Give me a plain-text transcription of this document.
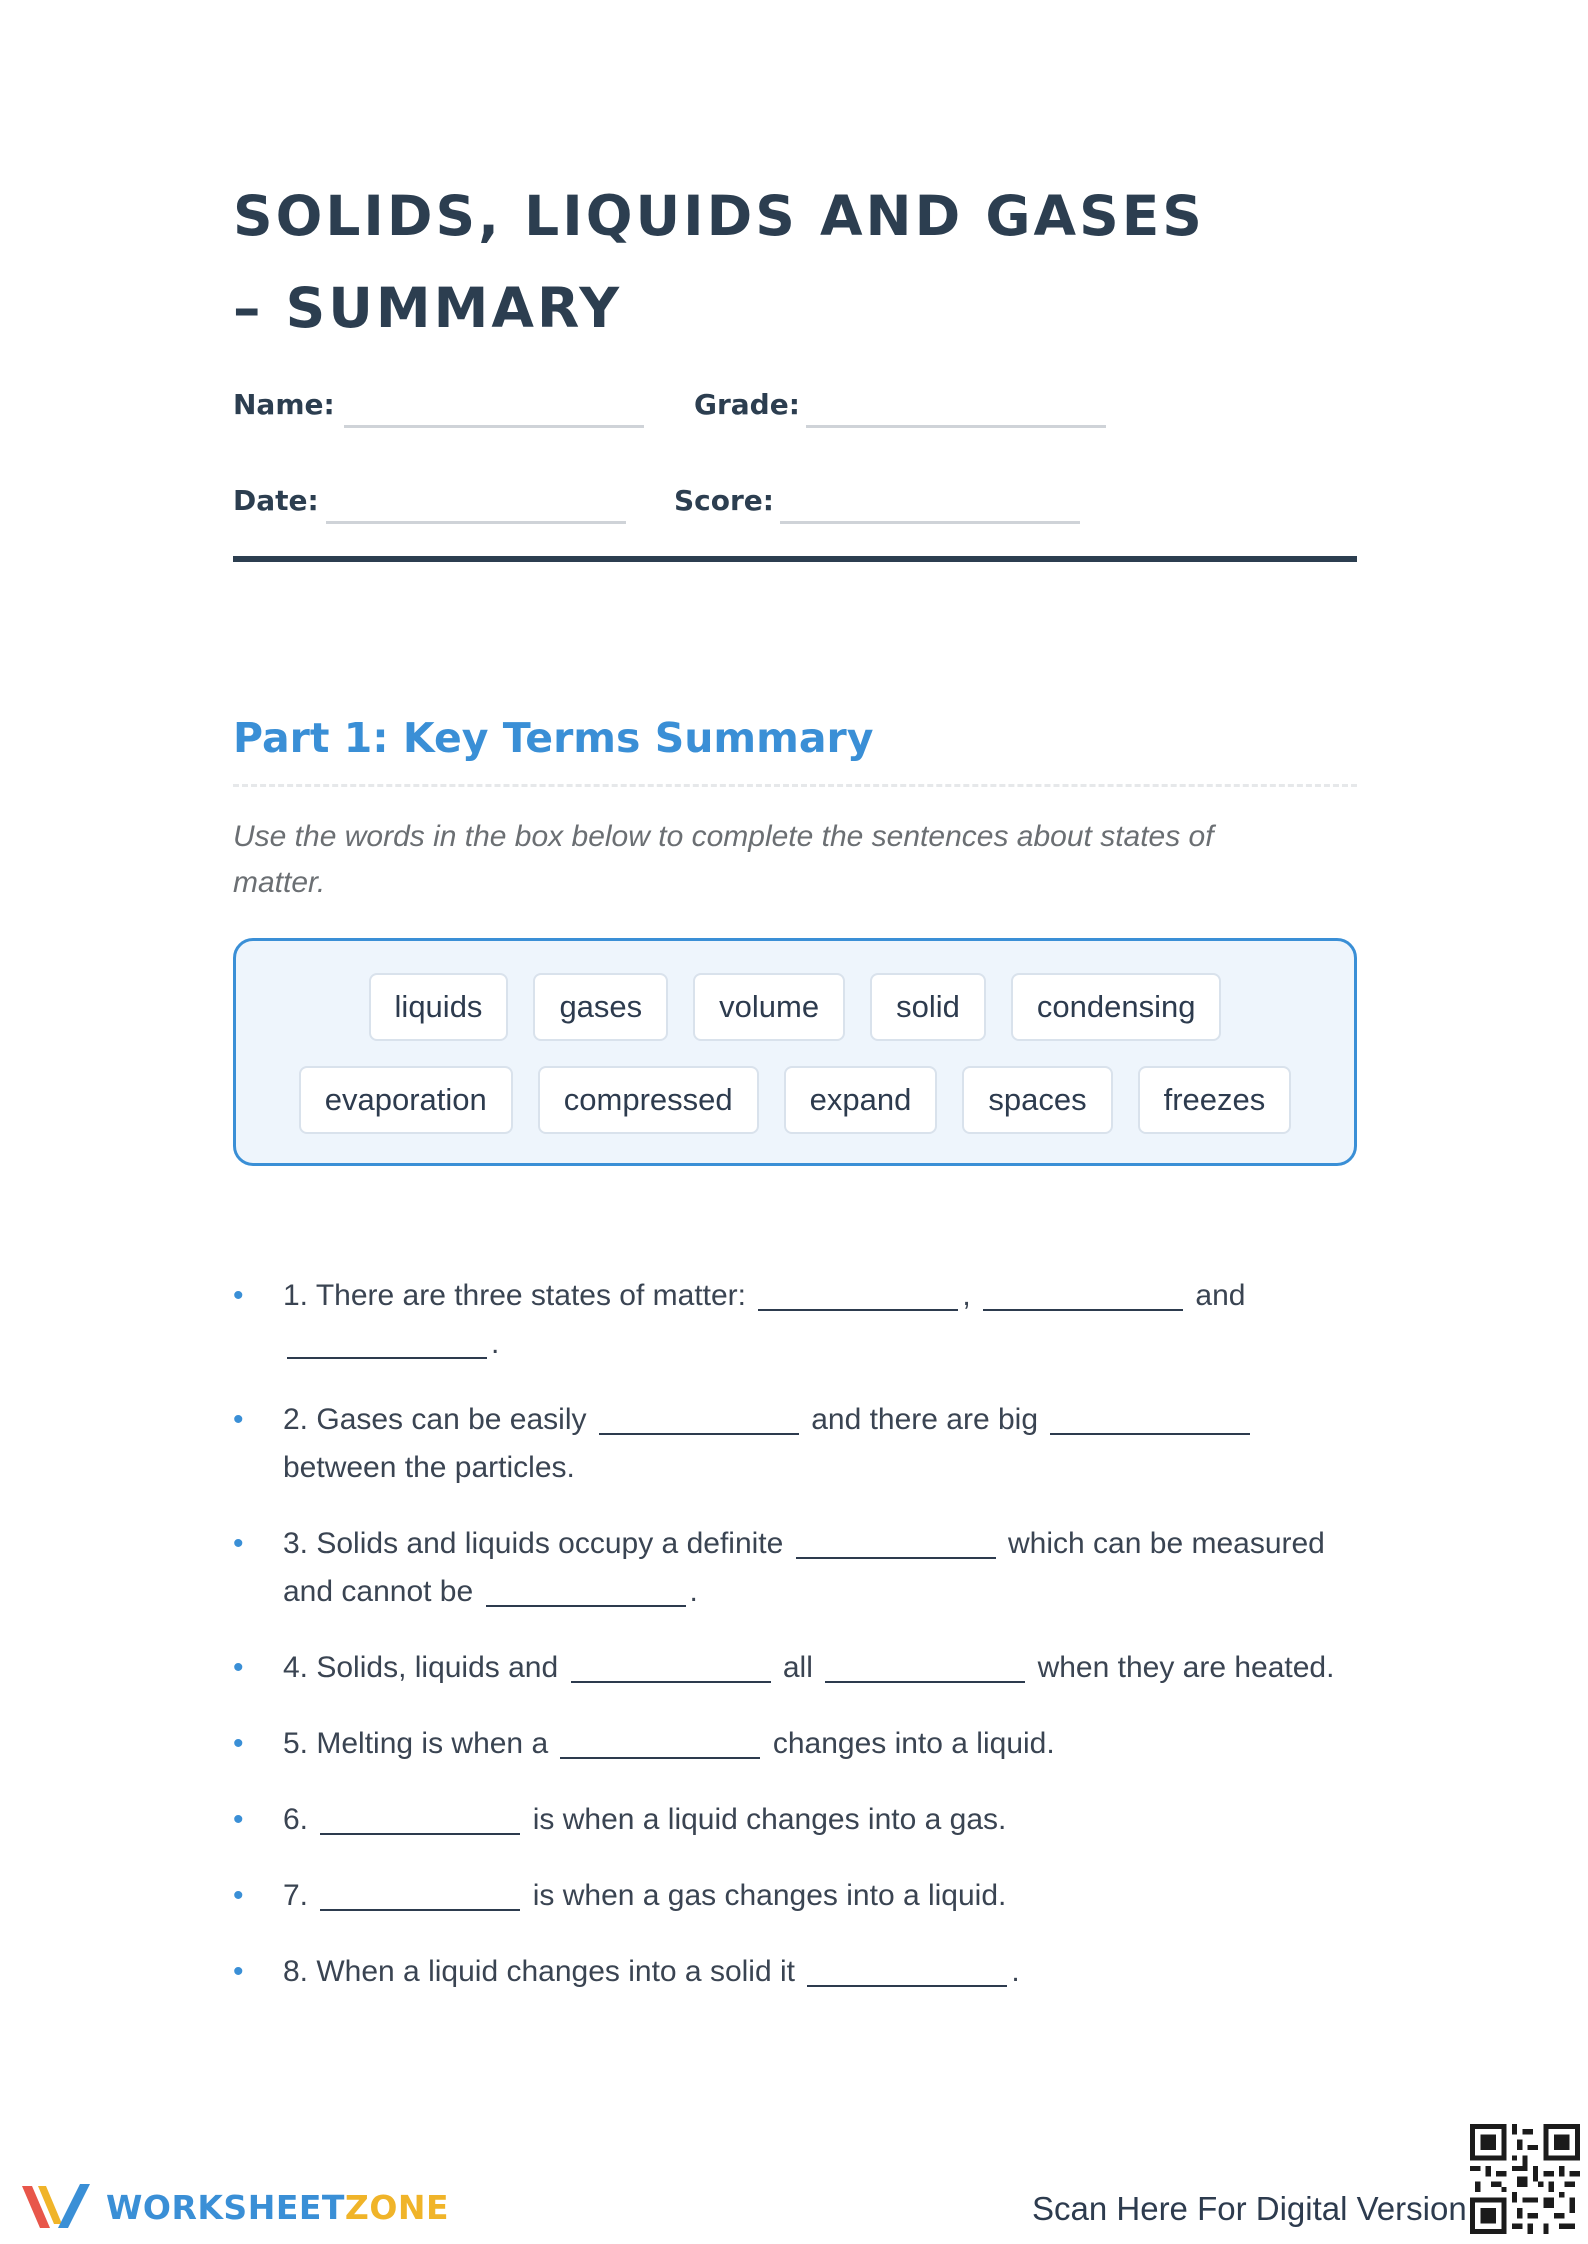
SOLIDS, LIQUIDS AND GASES – SUMMARY
Name:	Grade:
Date:	Score:
Part 1: Key Terms Summary
Use the words in the box below to complete the sentences about states of matter.
liquids	gases	volume	solid	condensing
evaporation	compressed	expand	spaces	freezes
• 1. There are three states of matter:	,	and .
• 2. Gases can be easily	and there are big  between the particles.
• 3. Solids and liquids occupy a definite	which can be measured and cannot be	.
• 4. Solids, liquids and	all	when they are heated.
• 5. Melting is when a	changes into a liquid.
• 6.	is when a liquid changes into a gas.
• 7.	is when a gas changes into a liquid.
• 8. When a liquid changes into a solid it	.
WORKSHEETZONE	Scan Here For Digital Version
